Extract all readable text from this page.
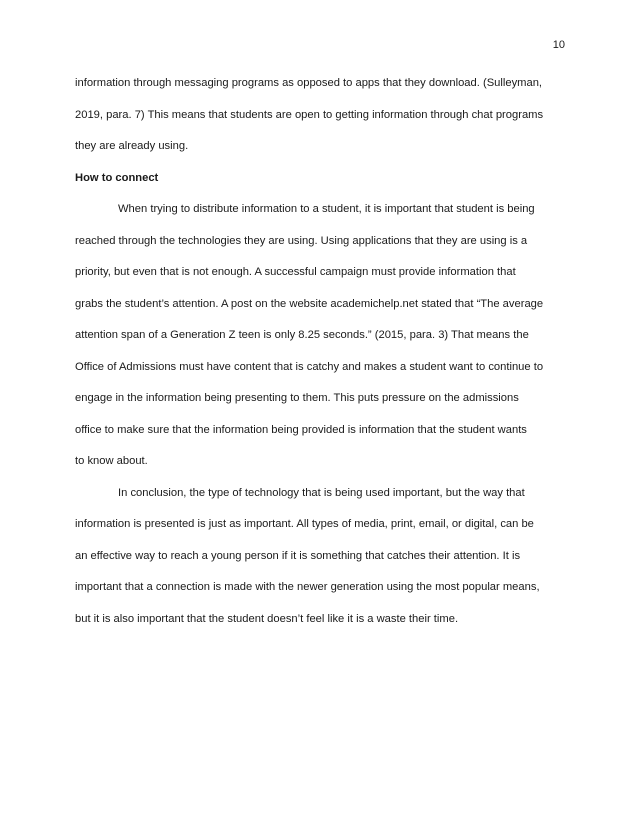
10

information through messaging programs as opposed to apps that they download. (Sulleyman,
2019, para. 7) This means that students are open to getting information through chat programs
they are already using.

How to connect

When trying to distribute information to a student, it is important that student is being
reached through the technologies they are using. Using applications that they are using is a
priority, but even that is not enough. A successful campaign must provide information that
grabs the student’s attention. A post on the website academichelp.net stated that “The average
attention span of a Generation Z teen is only 8.25 seconds.” (2015, para. 3) That means the
Office of Admissions must have content that is catchy and makes a student want to continue to
engage in the information being presenting to them. This puts pressure on the admissions
office to make sure that the information being provided is information that the student wants
to know about.

In conclusion, the type of technology that is being used important, but the way that
information is presented is just as important. All types of media, print, email, or digital, can be
an effective way to reach a young person if it is something that catches their attention. It is
important that a connection is made with the newer generation using the most popular means,
but it is also important that the student doesn’t feel like it is a waste their time.
